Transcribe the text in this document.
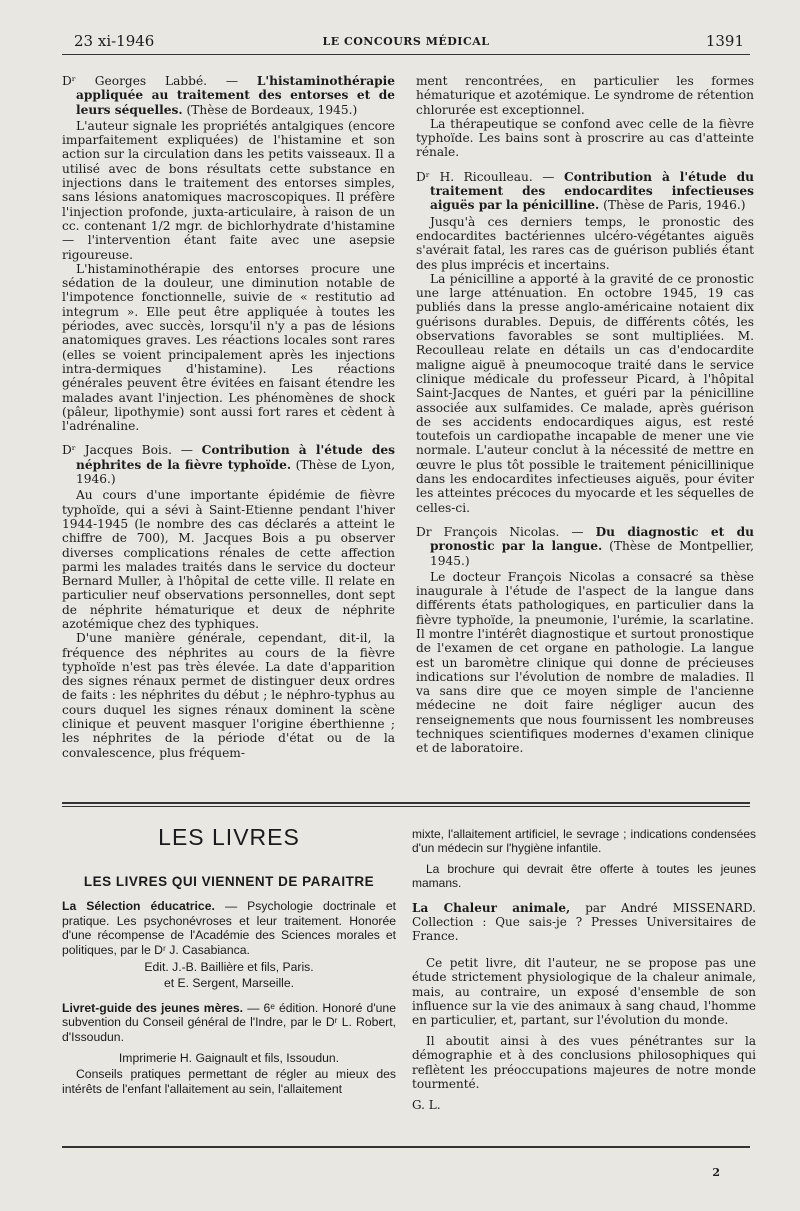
23 xi-1946	LE CONCOURS MÉDICAL	1391

Dʳ Georges Labbé. — L'histaminothérapie appliquée au traitement des entorses et de leurs séquelles. (Thèse de Bordeaux, 1945.)

L'auteur signale les propriétés antalgiques (encore imparfaitement expliquées) de l'histamine et son action sur la circulation dans les petits vaisseaux. Il a utilisé avec de bons résultats cette substance en injections dans le traitement des entorses simples, sans lésions anatomiques macroscopiques. Il préfère l'injection profonde, juxta-articulaire, à raison de un cc. contenant 1/2 mgr. de bichlorhydrate d'histamine — l'intervention étant faite avec une asepsie rigoureuse.

L'histaminothérapie des entorses procure une sédation de la douleur, une diminution notable de l'impotence fonctionnelle, suivie de « restitutio ad integrum ». Elle peut être appliquée à toutes les périodes, avec succès, lorsqu'il n'y a pas de lésions anatomiques graves. Les réactions locales sont rares (elles se voient principalement après les injections intra-dermiques d'histamine). Les réactions générales peuvent être évitées en faisant étendre les malades avant l'injection. Les phénomènes de shock (pâleur, lipothymie) sont aussi fort rares et cèdent à l'adrénaline.

Dʳ Jacques Bois. — Contribution à l'étude des néphrites de la fièvre typhoïde. (Thèse de Lyon, 1946.)

Au cours d'une importante épidémie de fièvre typhoïde, qui a sévi à Saint-Etienne pendant l'hiver 1944-1945 (le nombre des cas déclarés a atteint le chiffre de 700), M. Jacques Bois a pu observer diverses complications rénales de cette affection parmi les malades traités dans le service du docteur Bernard Muller, à l'hôpital de cette ville. Il relate en particulier neuf observations personnelles, dont sept de néphrite hématurique et deux de néphrite azotémique chez des typhiques.

D'une manière générale, cependant, dit-il, la fréquence des néphrites au cours de la fièvre typhoïde n'est pas très élevée. La date d'apparition des signes rénaux permet de distinguer deux ordres de faits : les néphrites du début ; le néphro-typhus au cours duquel les signes rénaux dominent la scène clinique et peuvent masquer l'origine éberthienne ; les néphrites de la période d'état ou de la convalescence, plus fréquem-

ment rencontrées, en particulier les formes hématurique et azotémique. Le syndrome de rétention chlorurée est exceptionnel.

La thérapeutique se confond avec celle de la fièvre typhoïde. Les bains sont à proscrire au cas d'atteinte rénale.

Dʳ H. Ricoulleau. — Contribution à l'étude du traitement des endocardites infectieuses aiguës par la pénicilline. (Thèse de Paris, 1946.)

Jusqu'à ces derniers temps, le pronostic des endocardites bactériennes ulcéro-végétantes aiguës s'avérait fatal, les rares cas de guérison publiés étant des plus imprécis et incertains.

La pénicilline a apporté à la gravité de ce pronostic une large atténuation. En octobre 1945, 19 cas publiés dans la presse anglo-américaine notaient dix guérisons durables. Depuis, de différents côtés, les observations favorables se sont multipliées. M. Recoulleau relate en détails un cas d'endocardite maligne aiguë à pneumocoque traité dans le service clinique médicale du professeur Picard, à l'hôpital Saint-Jacques de Nantes, et guéri par la pénicilline associée aux sulfamides. Ce malade, après guérison de ses accidents endocardiques aigus, est resté toutefois un cardiopathe incapable de mener une vie normale. L'auteur conclut à la nécessité de mettre en œuvre le plus tôt possible le traitement pénicillinique dans les endocardites infectieuses aiguës, pour éviter les atteintes précoces du myocarde et les séquelles de celles-ci.

Dr François Nicolas. — Du diagnostic et du pronostic par la langue. (Thèse de Montpellier, 1945.)

Le docteur François Nicolas a consacré sa thèse inaugurale à l'étude de l'aspect de la langue dans différents états pathologiques, en particulier dans la fièvre typhoïde, la pneumonie, l'urémie, la scarlatine. Il montre l'intérêt diagnostique et surtout pronostique de l'examen de cet organe en pathologie. La langue est un baromètre clinique qui donne de précieuses indications sur l'évolution de nombre de maladies. Il va sans dire que ce moyen simple de l'ancienne médecine ne doit faire négliger aucun des renseignements que nous fournissent les nombreuses techniques scientifiques modernes d'examen clinique et de laboratoire.

LES LIVRES
LES LIVRES QUI VIENNENT DE PARAITRE
La Sélection éducatrice. — Psychologie doctrinale et pratique. Les psychonévroses et leur traitement. Honorée d'une récompense de l'Académie des Sciences morales et politiques, par le Dʳ J. Casabianca.
Edit. J.-B. Baillière et fils, Paris.
et E. Sergent, Marseille.
Livret-guide des jeunes mères. — 6ᵉ édition. Honoré d'une subvention du Conseil général de l'Indre, par le Dʳ L. Robert, d'Issoudun.
Imprimerie H. Gaignault et fils, Issoudun.
Conseils pratiques permettant de régler au mieux des intérêts de l'enfant l'allaitement au sein, l'allaitement

mixte, l'allaitement artificiel, le sevrage ; indications condensées d'un médecin sur l'hygiène infantile.

La brochure qui devrait être offerte à toutes les jeunes mamans.

La Chaleur animale, par André MISSENARD. Collection : Que sais-je ? Presses Universitaires de France.

Ce petit livre, dit l'auteur, ne se propose pas une étude strictement physiologique de la chaleur animale, mais, au contraire, un exposé d'ensemble de son influence sur la vie des animaux à sang chaud, l'homme en particulier, et, partant, sur l'évolution du monde.

Il aboutit ainsi à des vues pénétrantes sur la démographie et à des conclusions philosophiques qui reflètent les préoccupations majeures de notre monde tourmenté.

G. L.
2
